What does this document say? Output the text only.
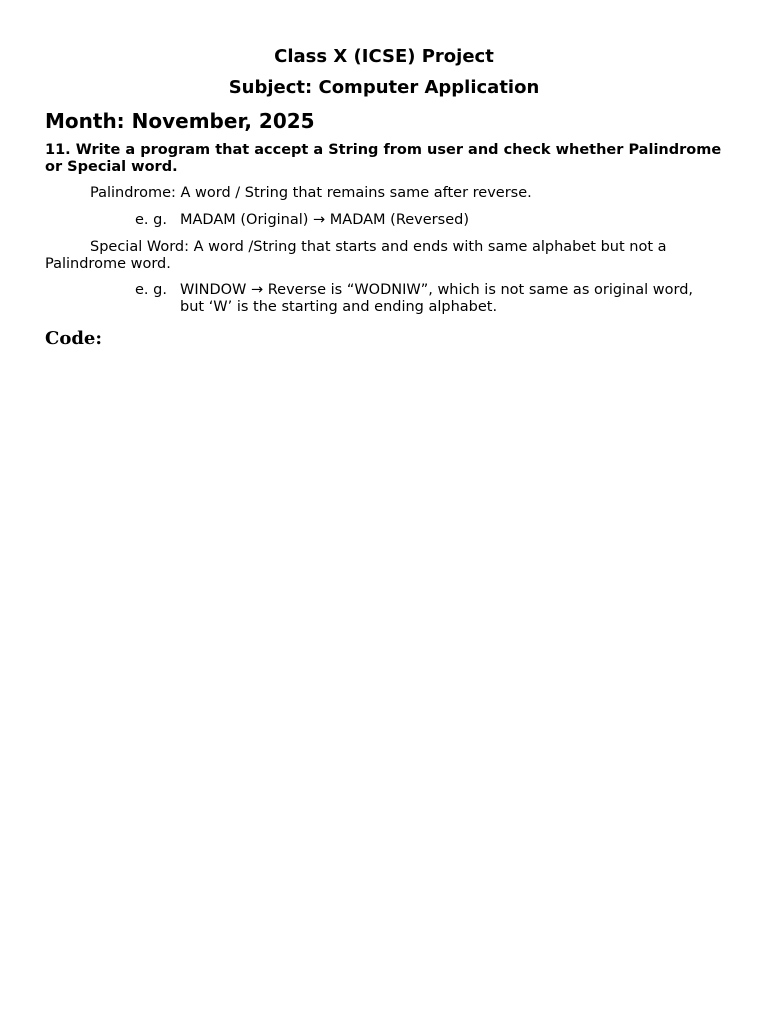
Class X (ICSE) Project
Subject: Computer Application
Month: November, 2025
11. Write a program that accept a String from user and check whether Palindrome or Special word.
Palindrome: A word / String that remains same after reverse.
e. g. MADAM (Original) → MADAM (Reversed)
Special Word: A word /String that starts and ends with same alphabet but not a Palindrome word.
e. g. WINDOW → Reverse is “WODNIW”, which is not same as original word, but ‘W’ is the starting and ending alphabet.
Code:
